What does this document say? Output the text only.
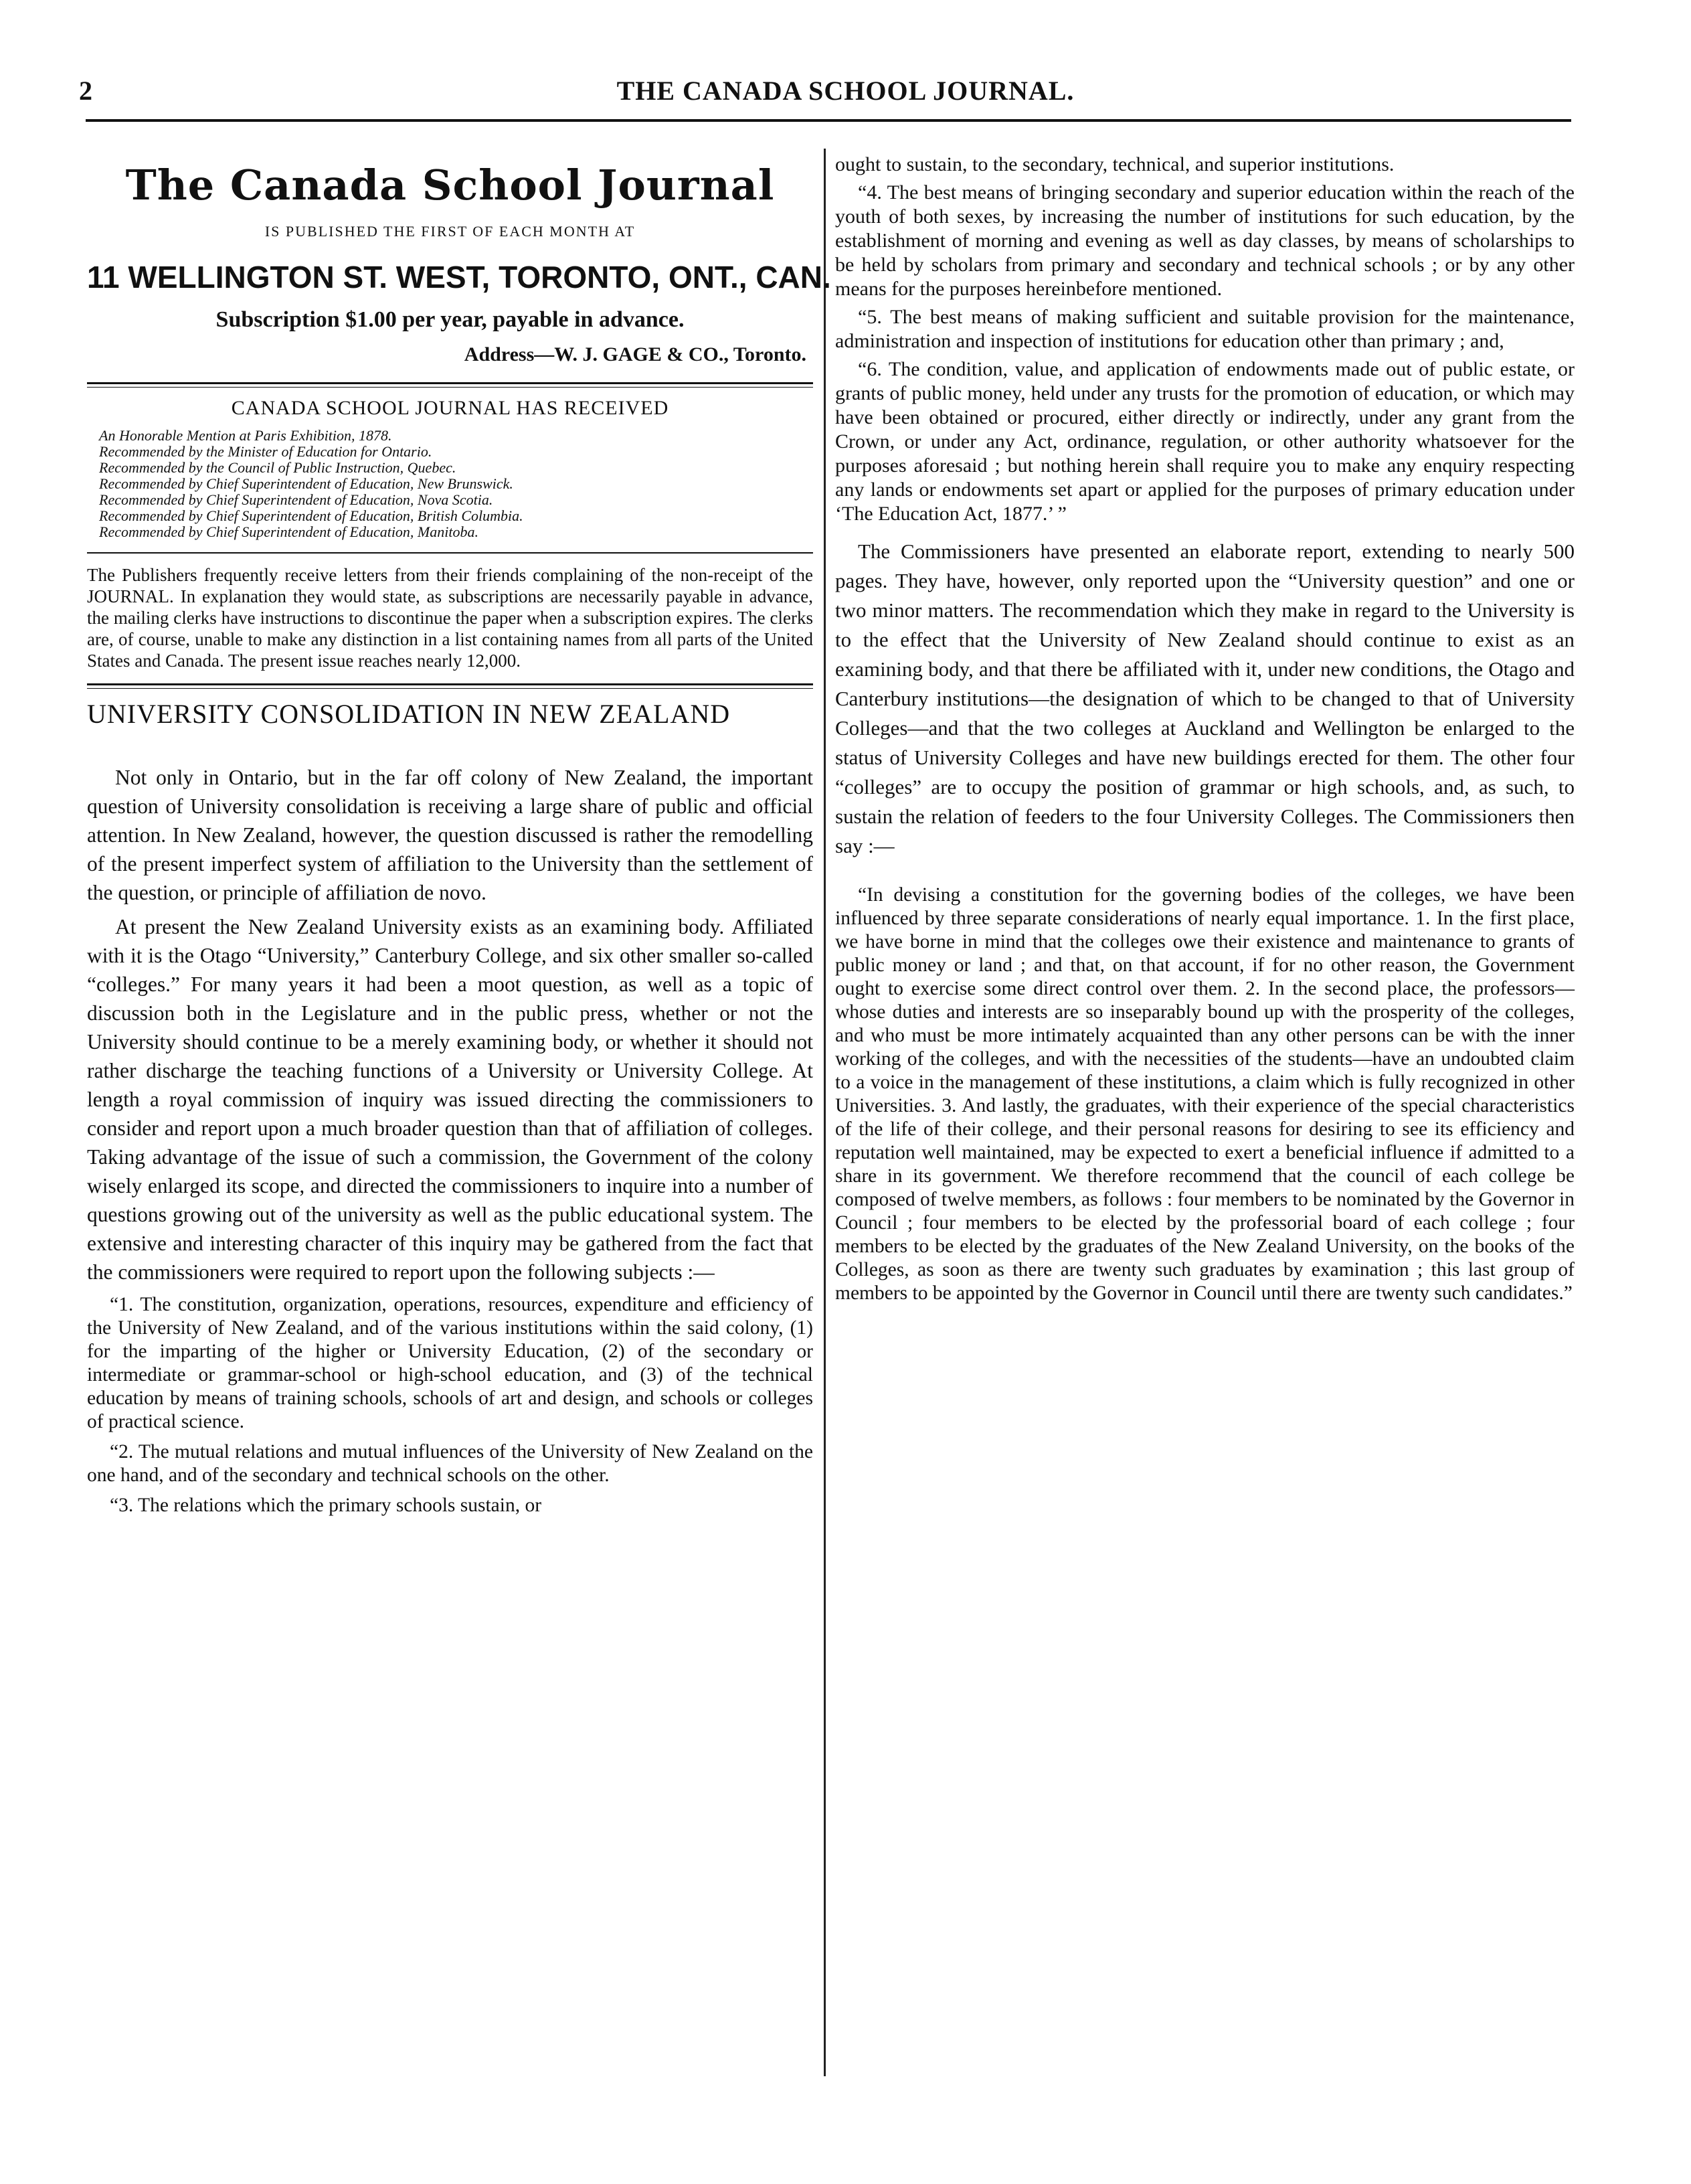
2	THE CANADA SCHOOL JOURNAL.
The Canada School Journal
IS PUBLISHED THE FIRST OF EACH MONTH AT
11 WELLINGTON ST. WEST, TORONTO, ONT., CAN.
Subscription $1.00 per year, payable in advance.
Address—W. J. GAGE & CO., Toronto.
CANADA SCHOOL JOURNAL HAS RECEIVED
An Honorable Mention at Paris Exhibition, 1878.
Recommended by the Minister of Education for Ontario.
Recommended by the Council of Public Instruction, Quebec.
Recommended by Chief Superintendent of Education, New Brunswick.
Recommended by Chief Superintendent of Education, Nova Scotia.
Recommended by Chief Superintendent of Education, British Columbia.
Recommended by Chief Superintendent of Education, Manitoba.

The Publishers frequently receive letters from their friends complaining of the non-receipt of the JOURNAL. In explanation they would state, as subscriptions are necessarily payable in advance, the mailing clerks have instructions to discontinue the paper when a subscription expires. The clerks are, of course, unable to make any distinction in a list containing names from all parts of the United States and Canada. The present issue reaches nearly 12,000.

UNIVERSITY CONSOLIDATION IN NEW ZEALAND

Not only in Ontario, but in the far off colony of New Zealand, the important question of University consolidation is receiving a large share of public and official attention. In New Zealand, however, the question discussed is rather the remodelling of the present imperfect system of affiliation to the University than the settlement of the question, or principle of affiliation de novo.

At present the New Zealand University exists as an examining body. Affiliated with it is the Otago “University,” Canterbury College, and six other smaller so-called “colleges.” For many years it had been a moot question, as well as a topic of discussion both in the Legislature and in the public press, whether or not the University should continue to be a merely examining body, or whether it should not rather discharge the teaching functions of a University or University College. At length a royal commission of inquiry was issued directing the commissioners to consider and report upon a much broader question than that of affiliation of colleges. Taking advantage of the issue of such a commission, the Government of the colony wisely enlarged its scope, and directed the commissioners to inquire into a number of questions growing out of the university as well as the public educational system. The extensive and interesting character of this inquiry may be gathered from the fact that the commissioners were required to report upon the following subjects :—

“1. The constitution, organization, operations, resources, expenditure and efficiency of the University of New Zealand, and of the various institutions within the said colony, (1) for the imparting of the higher or University Education, (2) of the secondary or intermediate or grammar-school or high-school education, and (3) of the technical education by means of training schools, schools of art and design, and schools or colleges of practical science.

“2. The mutual relations and mutual influences of the University of New Zealand on the one hand, and of the secondary and technical schools on the other.

“3. The relations which the primary schools sustain, or

ought to sustain, to the secondary, technical, and superior institutions.

“4. The best means of bringing secondary and superior education within the reach of the youth of both sexes, by increasing the number of institutions for such education, by the establishment of morning and evening as well as day classes, by means of scholarships to be held by scholars from primary and secondary and technical schools ; or by any other means for the purposes hereinbefore mentioned.

“5. The best means of making sufficient and suitable provision for the maintenance, administration and inspection of institutions for education other than primary ; and,

“6. The condition, value, and application of endowments made out of public estate, or grants of public money, held under any trusts for the promotion of education, or which may have been obtained or procured, either directly or indirectly, under any grant from the Crown, or under any Act, ordinance, regulation, or other authority whatsoever for the purposes aforesaid ; but nothing herein shall require you to make any enquiry respecting any lands or endowments set apart or applied for the purposes of primary education under ‘The Education Act, 1877.’ ”

The Commissioners have presented an elaborate report, extending to nearly 500 pages. They have, however, only reported upon the “University question” and one or two minor matters. The recommendation which they make in regard to the University is to the effect that the University of New Zealand should continue to exist as an examining body, and that there be affiliated with it, under new conditions, the Otago and Canterbury institutions—the designation of which to be changed to that of University Colleges—and that the two colleges at Auckland and Wellington be enlarged to the status of University Colleges and have new buildings erected for them. The other four “colleges” are to occupy the position of grammar or high schools, and, as such, to sustain the relation of feeders to the four University Colleges. The Commissioners then say :—

“In devising a constitution for the governing bodies of the colleges, we have been influenced by three separate considerations of nearly equal importance. 1. In the first place, we have borne in mind that the colleges owe their existence and maintenance to grants of public money or land ; and that, on that account, if for no other reason, the Government ought to exercise some direct control over them. 2. In the second place, the professors—whose duties and interests are so inseparably bound up with the prosperity of the colleges, and who must be more intimately acquainted than any other persons can be with the inner working of the colleges, and with the necessities of the students—have an undoubted claim to a voice in the management of these institutions, a claim which is fully recognized in other Universities. 3. And lastly, the graduates, with their experience of the special characteristics of the life of their college, and their personal reasons for desiring to see its efficiency and reputation well maintained, may be expected to exert a beneficial influence if admitted to a share in its government. We therefore recommend that the council of each college be composed of twelve members, as follows : four members to be nominated by the Governor in Council ; four members to be elected by the professorial board of each college ; four members to be elected by the graduates of the New Zealand University, on the books of the Colleges, as soon as there are twenty such graduates by examination ; this last group of members to be appointed by the Governor in Council until there are twenty such candidates.”
